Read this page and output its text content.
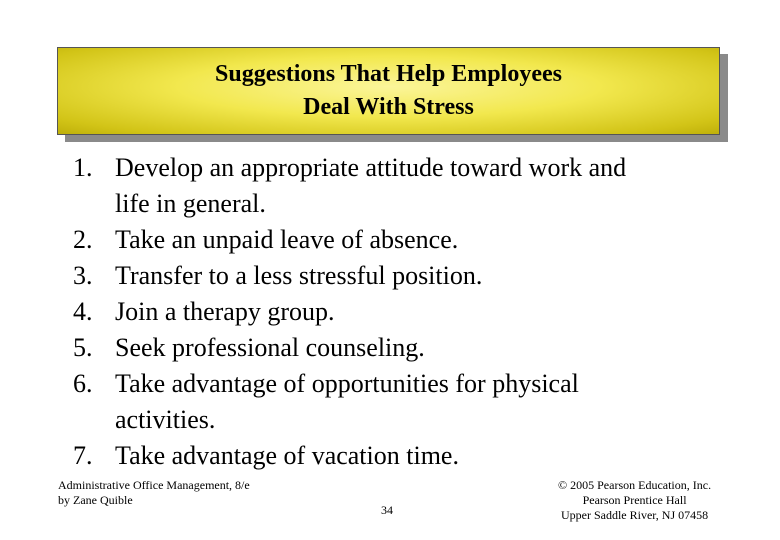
Suggestions That Help Employees
Deal With Stress
1. Develop an appropriate attitude toward work and life in general.
2. Take an unpaid leave of absence.
3. Transfer to a less stressful position.
4. Join a therapy group.
5. Seek professional counseling.
6. Take advantage of opportunities for physical activities.
7. Take advantage of vacation time.
Administrative Office Management, 8/e
by Zane Quible
34
© 2005 Pearson Education, Inc.
Pearson Prentice Hall
Upper Saddle River, NJ 07458
